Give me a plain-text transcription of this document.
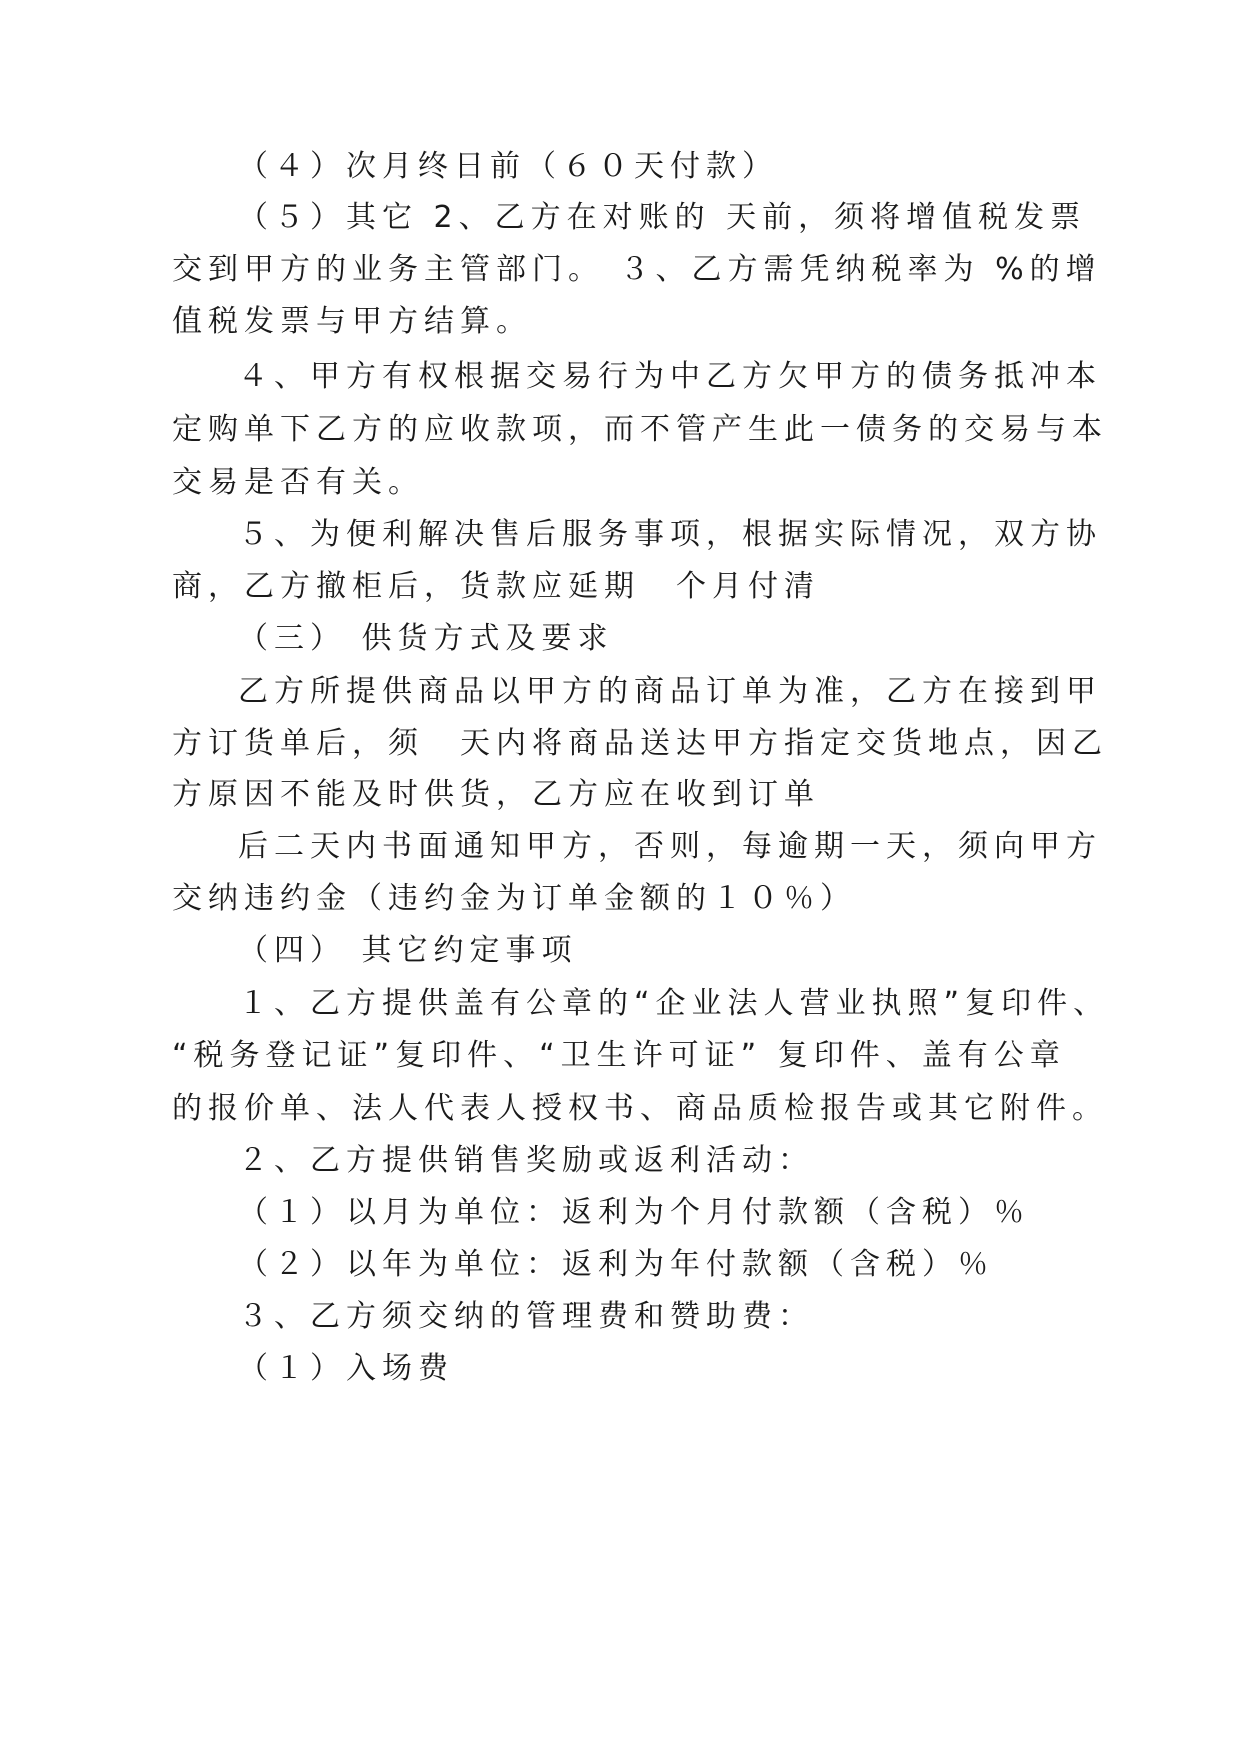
（４）次月终日前（６０天付款）
（５）其它 2、乙方在对账的 天前，须将增值税发票
交到甲方的业务主管部门。 ３、乙方需凭纳税率为 %的增
值税发票与甲方结算。
４、甲方有权根据交易行为中乙方欠甲方的债务抵冲本
定购单下乙方的应收款项，而不管产生此一债务的交易与本
交易是否有关。
５、为便利解决售后服务事项，根据实际情况，双方协
商，乙方撤柜后，货款应延期　个月付清
（三） 供货方式及要求
乙方所提供商品以甲方的商品订单为准，乙方在接到甲
方订货单后，须　天内将商品送达甲方指定交货地点，因乙
方原因不能及时供货，乙方应在收到订单
后二天内书面通知甲方，否则，每逾期一天，须向甲方
交纳违约金（违约金为订单金额的１０％）
（四） 其它约定事项
１、乙方提供盖有公章的“企业法人营业执照”复印件、
“税务登记证”复印件、“卫生许可证” 复印件、盖有公章
的报价单、法人代表人授权书、商品质检报告或其它附件。
２、乙方提供销售奖励或返利活动：
（１）以月为单位：返利为个月付款额（含税）％
（２）以年为单位：返利为年付款额（含税）％
３、乙方须交纳的管理费和赞助费：
（１）入场费
